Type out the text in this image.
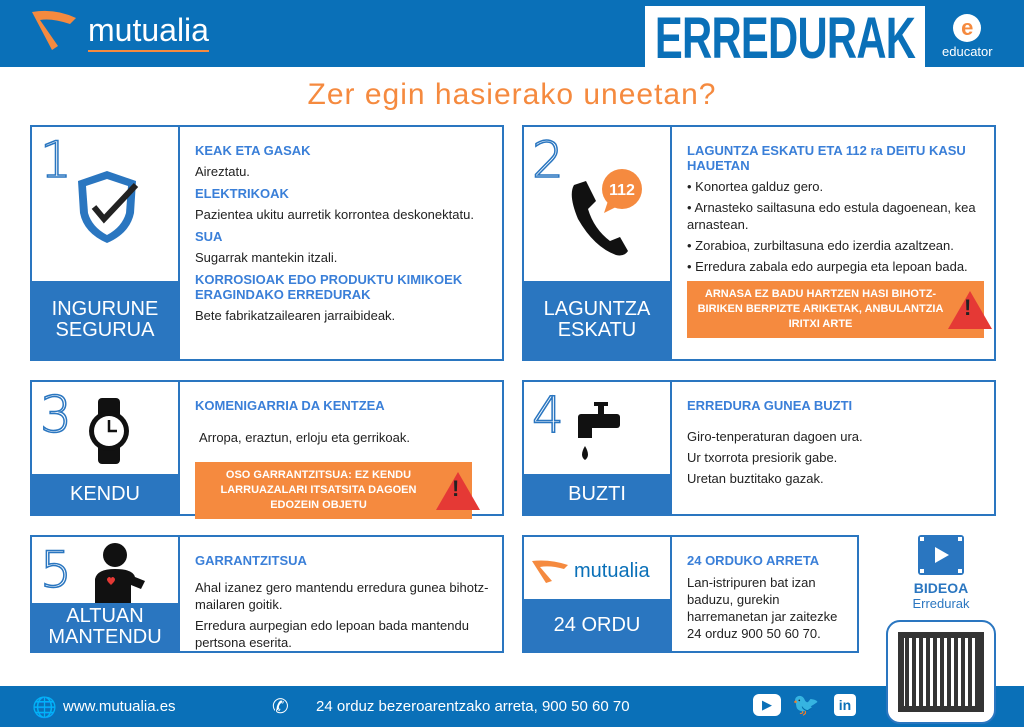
mutualia	ERREDURAK	e
educator
Zer egin hasierako uneetan?
1
INGURUNE
SEGURUA
KEAK ETA GASAK
Aireztatu.
ELEKTRIKOAK
Pazientea ukitu aurretik korrontea deskonektatu.
SUA
Sugarrak mantekin itzali.
KORROSIOAK EDO PRODUKTU KIMIKOEK ERAGINDAKO ERREDURAK
Bete fabrikatzailearen jarraibideak.
2
112
LAGUNTZA
ESKATU
LAGUNTZA ESKATU ETA 112 ra DEITU KASU HAUETAN
• Konortea galduz gero.
• Arnasteko sailtasuna edo estula dagoenean, kea arnastean.
• Zorabioa, zurbiltasuna edo izerdia azaltzean.
• Erredura zabala edo aurpegia eta lepoan bada.
ARNASA EZ BADU HARTZEN HASI BIHOTZ-BIRIKEN BERPIZTE ARIKETAK, ANBULANTZIA IRITXI ARTE
!
3
KENDU
KOMENIGARRIA DA KENTZEA
Arropa, eraztun, erloju eta gerrikoak.
OSO GARRANTZITSUA: EZ KENDU LARRUAZALARI ITSATSITA DAGOEN EDOZEIN OBJETU
!
4
BUZTI
ERREDURA GUNEA BUZTI
Giro-tenperaturan dagoen ura.
Ur txorrota presiorik gabe.
Uretan buztitako gazak.
5
ALTUAN
MANTENDU
GARRANTZITSUA
Ahal izanez gero mantendu erredura gunea bihotz-mailaren goitik.
Erredura aurpegian edo lepoan bada mantendu pertsona eserita.
mutualia
24 ORDU
24 ORDUKO ARRETA
Lan-istripuren bat izan baduzu, gurekin harremanetan jar zaitezke 24 orduz 900 50 60 70.
BIDEOA
Erredurak
🌐 www.mutualia.es	✆ 24 orduz bezeroarentzako arreta, 900 50 60 70	▶ 🐦	in
